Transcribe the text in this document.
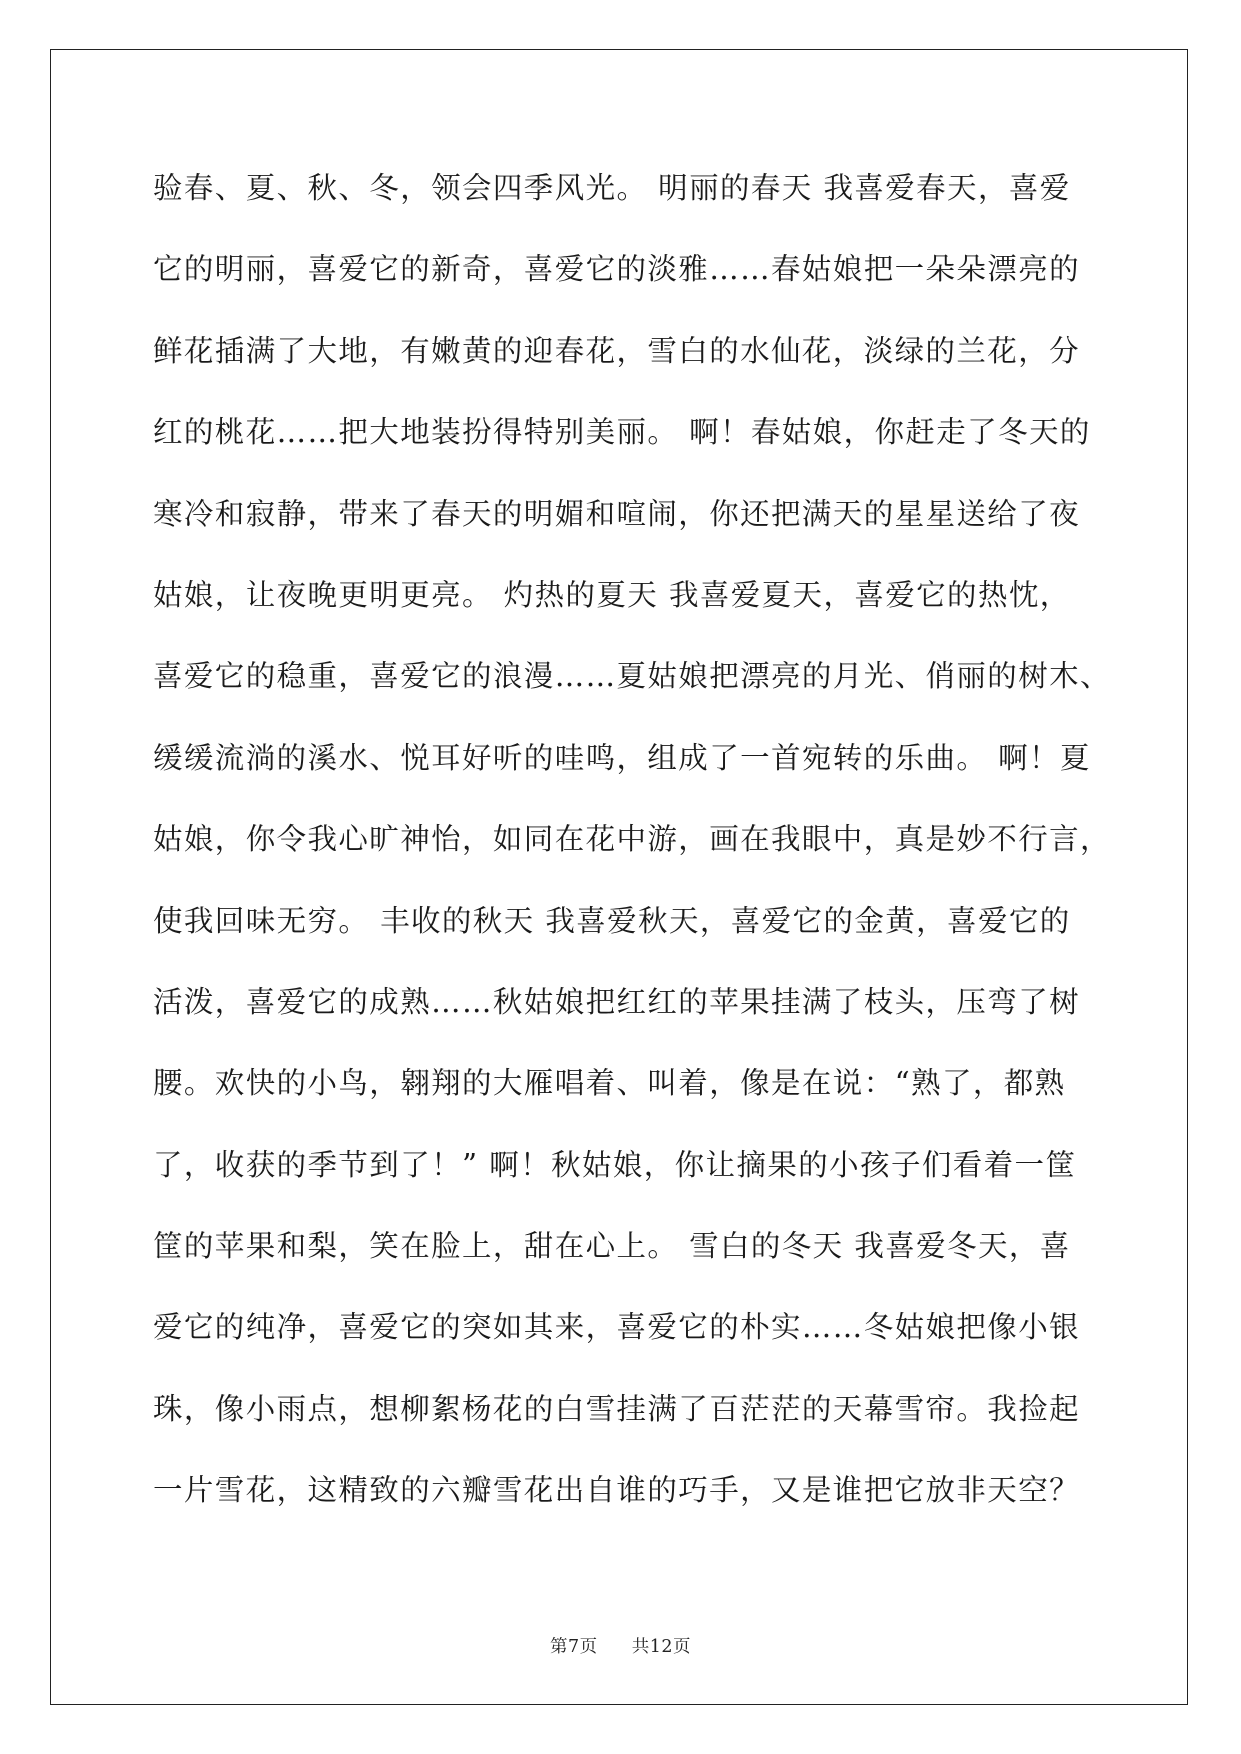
验春、夏、秋、冬，领会四季风光。 明丽的春天 我喜爱春天，喜爱
它的明丽，喜爱它的新奇，喜爱它的淡雅……春姑娘把一朵朵漂亮的
鲜花插满了大地，有嫩黄的迎春花，雪白的水仙花，淡绿的兰花，分
红的桃花……把大地装扮得特别美丽。 啊！春姑娘，你赶走了冬天的
寒冷和寂静，带来了春天的明媚和喧闹，你还把满天的星星送给了夜
姑娘，让夜晚更明更亮。 灼热的夏天 我喜爱夏天，喜爱它的热忱，
喜爱它的稳重，喜爱它的浪漫……夏姑娘把漂亮的月光、俏丽的树木、
缓缓流淌的溪水、悦耳好听的哇鸣，组成了一首宛转的乐曲。 啊！夏
姑娘，你令我心旷神怡，如同在花中游，画在我眼中，真是妙不行言，
使我回味无穷。 丰收的秋天 我喜爱秋天，喜爱它的金黄，喜爱它的
活泼，喜爱它的成熟……秋姑娘把红红的苹果挂满了枝头，压弯了树
腰。欢快的小鸟，翱翔的大雁唱着、叫着，像是在说：“熟了，都熟
了，收获的季节到了！” 啊！秋姑娘，你让摘果的小孩子们看着一筐
筐的苹果和梨，笑在脸上，甜在心上。 雪白的冬天 我喜爱冬天，喜
爱它的纯净，喜爱它的突如其来，喜爱它的朴实……冬姑娘把像小银
珠，像小雨点，想柳絮杨花的白雪挂满了百茫茫的天幕雪帘。我捡起
一片雪花，这精致的六瓣雪花出自谁的巧手，又是谁把它放非天空？
第7页 共12页
